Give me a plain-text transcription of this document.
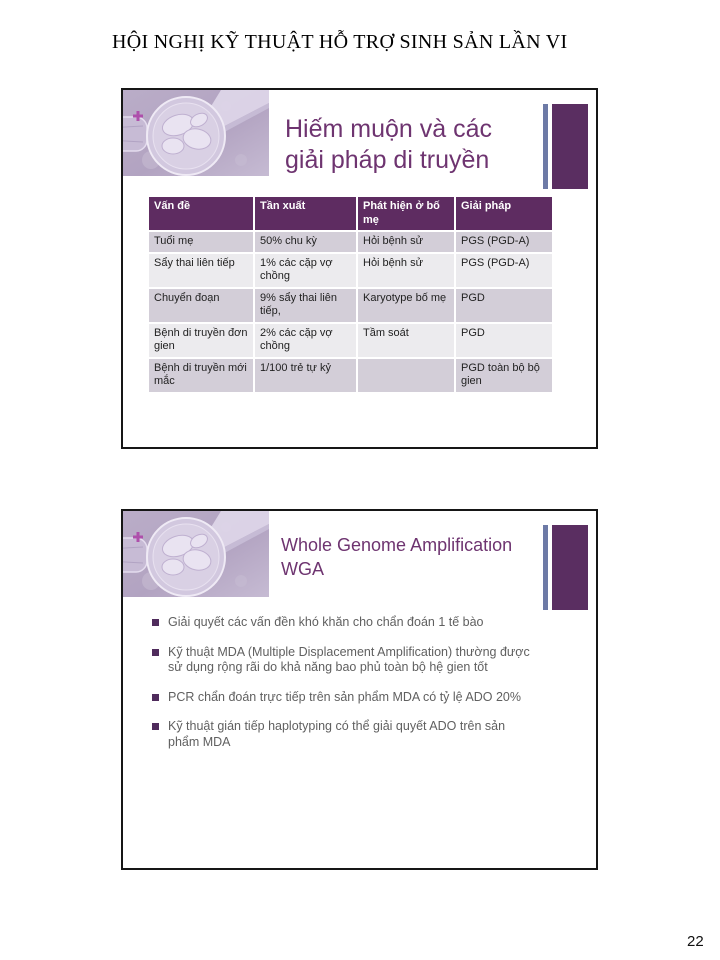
HỘI NGHỊ KỸ THUẬT HỖ TRỢ SINH SẢN LẦN VI
Hiếm muộn và các
giải pháp di truyền
Vấn đề	Tần xuất	Phát hiện ở bố mẹ	Giải pháp
Tuổi mẹ	50% chu kỳ	Hỏi bệnh sử	PGS (PGD-A)
Sẩy thai liên tiếp	1% các cặp vợ chồng	Hỏi bệnh sử	PGS (PGD-A)
Chuyển đoạn	9% sẩy thai liên tiếp,	Karyotype bố mẹ	PGD
Bệnh di truyền đơn gien	2% các cặp vợ chồng	Tầm soát	PGD
Bệnh di truyền mới mắc	1/100 trẻ tự kỷ		PGD toàn bộ bộ gien
Whole Genome Amplification
WGA
Giải quyết các vấn đền khó khăn cho chẩn đoán 1 tế bào
Kỹ thuật MDA (Multiple Displacement Amplification) thường được sử dụng rộng rãi do khả năng bao phủ toàn bộ hệ gien tốt
PCR chẩn đoán trực tiếp trên sản phẩm MDA có tỷ lệ ADO 20%
Kỹ thuật gián tiếp haplotyping có thể giải quyết ADO trên sản phẩm MDA
22
